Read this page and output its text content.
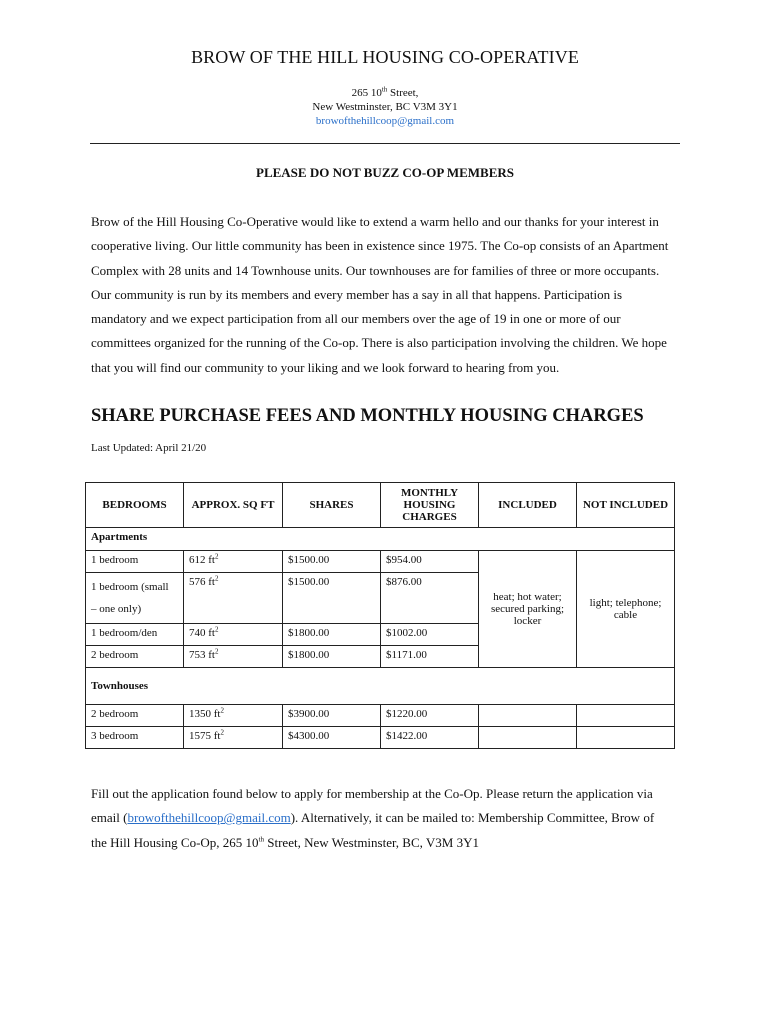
BROW OF THE HILL HOUSING CO-OPERATIVE
265 10th Street,
New Westminster, BC V3M 3Y1
browofthehillcoop@gmail.com
PLEASE DO NOT BUZZ CO-OP MEMBERS
Brow of the Hill Housing Co-Operative would like to extend a warm hello and our thanks for your interest in
cooperative living. Our little community has been in existence since 1975. The Co-op consists of an Apartment
Complex with 28 units and 14 Townhouse units. Our townhouses are for families of three or more occupants.
Our community is run by its members and every member has a say in all that happens. Participation is
mandatory and we expect participation from all our members over the age of 19 in one or more of our
committees organized for the running of the Co-op. There is also participation involving the children. We hope
that you will find our community to your liking and we look forward to hearing from you.
SHARE PURCHASE FEES AND MONTHLY HOUSING CHARGES
Last Updated: April 21/20
BEDROOMS	APPROX. SQ FT	SHARES	MONTHLY HOUSING CHARGES	INCLUDED	NOT INCLUDED
Apartments					
1 bedroom	612 $ft^2$	$1500.00	$954.00	heat; hot water; secured parking; locker	light; telephone; cable
1 bedroom (small
– one only)	576 $ft^2$	$1500.00	$876.00		
1 bedroom/den	740 $ft^2$	$1800.00	$1002.00		
2 bedroom	753 $ft^2$	$1800.00	$1171.00		
Townhouses					
2 bedroom	1350 $ft^2$	$3900.00	$1220.00		
3 bedroom	1575 $ft^2$	$4300.00	$1422.00		
Fill out the application found below to apply for membership at the Co-Op. Please return the application via
email (browofthehillcoop@gmail.com). Alternatively, it can be mailed to: Membership Committee, Brow of
the Hill Housing Co-Op, 265 10th Street, New Westminster, BC, V3M 3Y1
